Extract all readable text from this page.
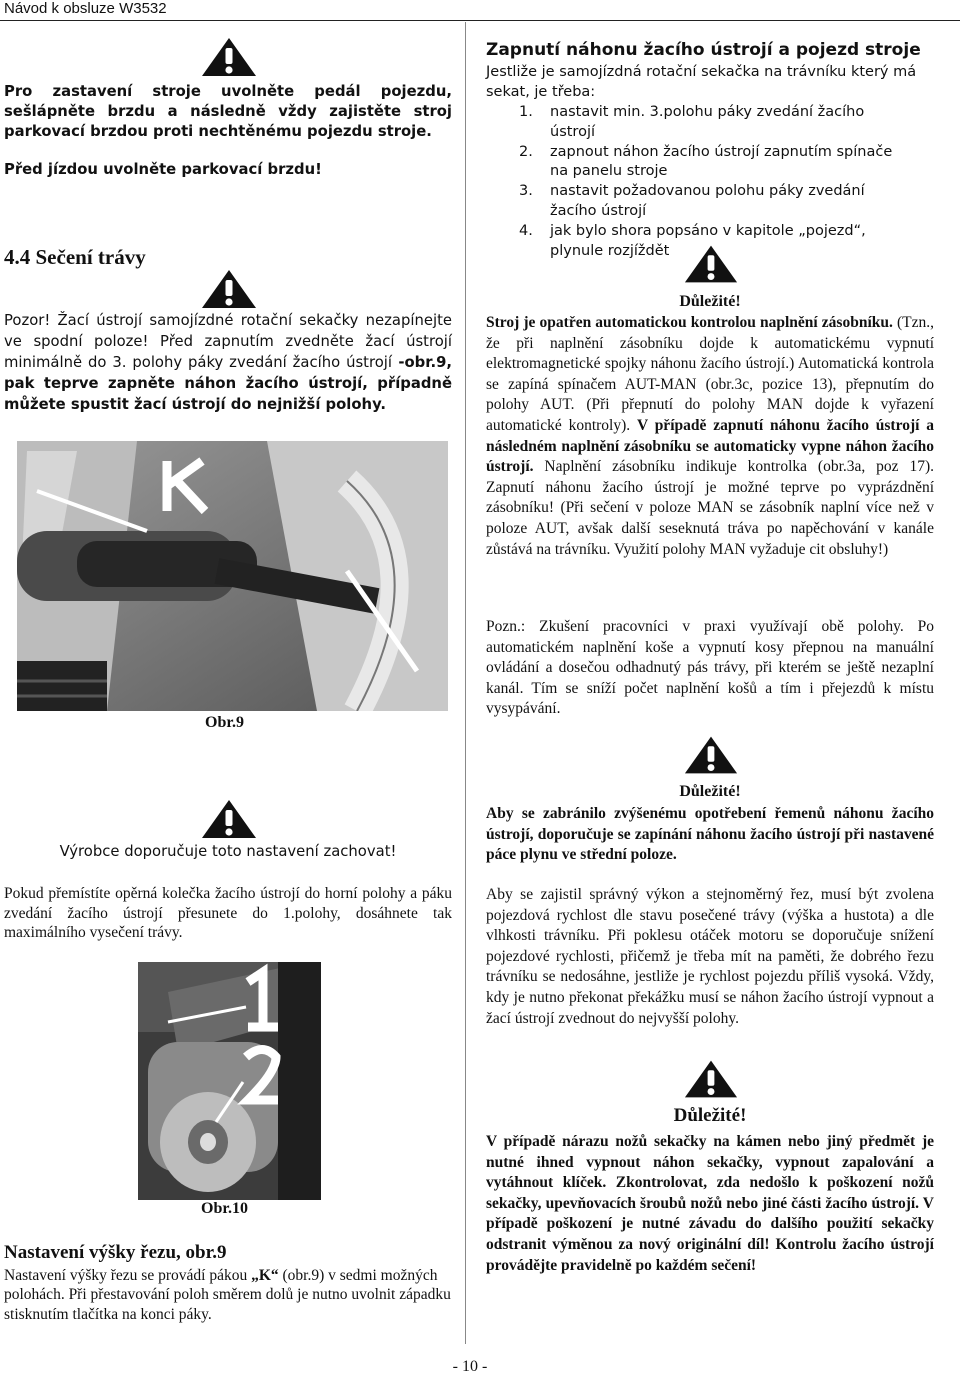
Návod k obsluze W3532

Pro zastavení stroje uvolněte pedál pojezdu, sešlápněte brzdu a následně vždy zajistěte stroj parkovací brzdou proti nechtěnému pojezdu stroje.

Před jízdou uvolněte parkovací brzdu!

4.4 Sečení trávy

Pozor! Žací ústrojí samojízdné rotační sekačky nezapínejte ve spodní poloze! Před zapnutím zvedněte žací ústrojí minimálně do 3. polohy páky zvedání žacího ústrojí -obr.9, pak teprve zapněte náhon žacího ústrojí, případně můžete spustit žací ústrojí do nejnižší polohy.

Obr.9
Výrobce doporučuje toto nastavení zachovat!

Pokud přemístíte opěrná kolečka žacího ústrojí do horní polohy a páku zvedání žacího ústrojí přesunete do 1.polohy, dosáhnete tak maximálního vysečení trávy.

Obr.10
Nastavení výšky řezu, obr.9

Nastavení výšky řezu se provádí pákou „K“ (obr.9) v sedmi možných polohách. Při přestavování poloh směrem dolů je nutno uvolnit západku stisknutím tlačítka na konci páky.

Zapnutí náhonu žacího ústrojí a pojezd stroje
Jestliže je samojízdná rotační sekačka na trávníku který má sekat, je třeba:
1. nastavit min. 3.polohu páky zvedání žacího ústrojí
2. zapnout náhon žacího ústrojí zapnutím spínače na panelu stroje
3. nastavit požadovanou polohu páky zvedání žacího ústrojí
4. jak bylo shora popsáno v kapitole „pojezd“, plynule rozjíždět
Důležité!

Stroj je opatřen automatickou kontrolou naplnění zásobníku. (Tzn., že při naplnění zásobníku dojde k automatickému vypnutí elektromagnetické spojky náhonu žacího ústrojí.) Automatická kontrola se zapíná spínačem AUT-MAN (obr.3c, pozice 13), přepnutím do polohy AUT. (Při přepnutí do polohy MAN dojde k vyřazení automatické kontroly). V případě zapnutí náhonu žacího ústrojí a následném naplnění zásobníku se automaticky vypne náhon žacího ústrojí. Naplnění zásobníku indikuje kontrolka (obr.3a, poz 17). Zapnutí náhonu žacího ústrojí je možné teprve po vyprázdnění zásobníku! (Při sečení v poloze MAN se zásobník naplní více než v poloze AUT, avšak další seseknutá tráva po napěchování v kanále zůstává na trávníku. Využití polohy MAN vyžaduje cit obsluhy!)

Pozn.: Zkušení pracovníci v praxi využívají obě polohy. Po automatickém naplnění koše a vypnutí kosy přepnou na manuální ovládání a dosečou odhadnutý pás trávy, při kterém se ještě nezaplní kanál. Tím se sníží počet naplnění košů a tím i přejezdů k místu vysypávání.

Důležité!

Aby se zabránilo zvýšenému opotřebení řemenů náhonu žacího ústrojí, doporučuje se zapínání náhonu žacího ústrojí při nastavené páce plynu ve střední poloze.

Aby se zajistil správný výkon a stejnoměrný řez, musí být zvolena pojezdová rychlost dle stavu posečené trávy (výška a hustota) a dle vlhkosti trávníku. Při poklesu otáček motoru se doporučuje snížení pojezdové rychlosti, přičemž je třeba mít na paměti, že dobrého řezu trávníku se nedosáhne, jestliže je rychlost pojezdu příliš vysoká. Vždy, kdy je nutno překonat překážku musí se náhon žacího ústrojí vypnout a žací ústrojí zvednout do nejvyšší polohy.

Důležité!

V případě nárazu nožů sekačky na kámen nebo jiný předmět je nutné ihned vypnout náhon sekačky, vypnout zapalování a vytáhnout klíček. Zkontrolovat, zda nedošlo k poškození nožů sekačky, upevňovacích šroubů nožů nebo jiné části žacího ústrojí. V případě poškození je nutné závadu do dalšího použití sekačky odstranit výměnou za nový originální díl! Kontrolu žacího ústrojí provádějte pravidelně po každém sečení!

- 10 -
